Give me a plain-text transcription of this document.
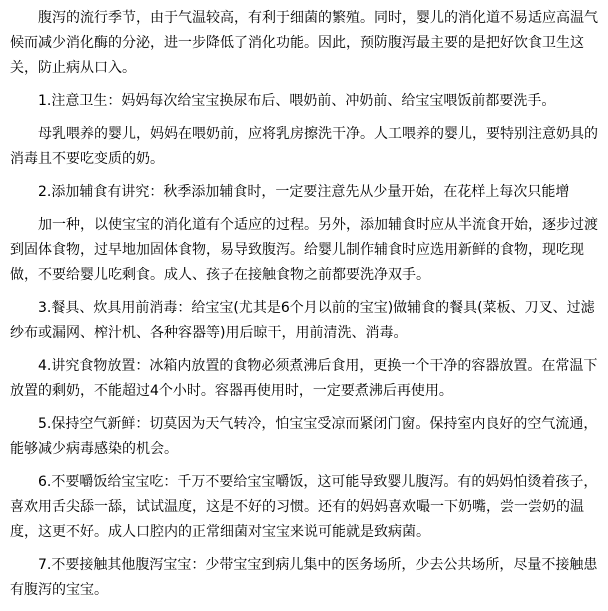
腹泻的流行季节，由于气温较高，有利于细菌的繁殖。同时，婴儿的消化道不易适应高温气
候而减少消化酶的分泌，进一步降低了消化功能。因此，预防腹泻最主要的是把好饮食卫生这
关，防止病从口入。

1.注意卫生：妈妈每次给宝宝换尿布后、喂奶前、冲奶前、给宝宝喂饭前都要洗手。

母乳喂养的婴儿，妈妈在喂奶前，应将乳房擦洗干净。人工喂养的婴儿，要特别注意奶具的
消毒且不要吃变质的奶。

2.添加辅食有讲究：秋季添加辅食时，一定要注意先从少量开始，在花样上每次只能增

加一种，以使宝宝的消化道有个适应的过程。另外，添加辅食时应从半流食开始，逐步过渡
到固体食物，过早地加固体食物，易导致腹泻。给婴儿制作辅食时应选用新鲜的食物，现吃现
做，不要给婴儿吃剩食。成人、孩子在接触食物之前都要洗净双手。

3.餐具、炊具用前消毒：给宝宝(尤其是6个月以前的宝宝)做辅食的餐具(菜板、刀叉、过滤
纱布或漏网、榨汁机、各种容器等)用后晾干，用前清洗、消毒。

4.讲究食物放置：冰箱内放置的食物必须煮沸后食用，更换一个干净的容器放置。在常温下
放置的剩奶，不能超过4个小时。容器再使用时，一定要煮沸后再使用。

5.保持空气新鲜：切莫因为天气转冷，怕宝宝受凉而紧闭门窗。保持室内良好的空气流通，
能够减少病毒感染的机会。

6.不要嚼饭给宝宝吃：千万不要给宝宝嚼饭，这可能导致婴儿腹泻。有的妈妈怕烫着孩子，
喜欢用舌尖舔一舔，试试温度，这是不好的习惯。还有的妈妈喜欢嘬一下奶嘴，尝一尝奶的温
度，这更不好。成人口腔内的正常细菌对宝宝来说可能就是致病菌。

7.不要接触其他腹泻宝宝：少带宝宝到病儿集中的医务场所，少去公共场所，尽量不接触患
有腹泻的宝宝。
